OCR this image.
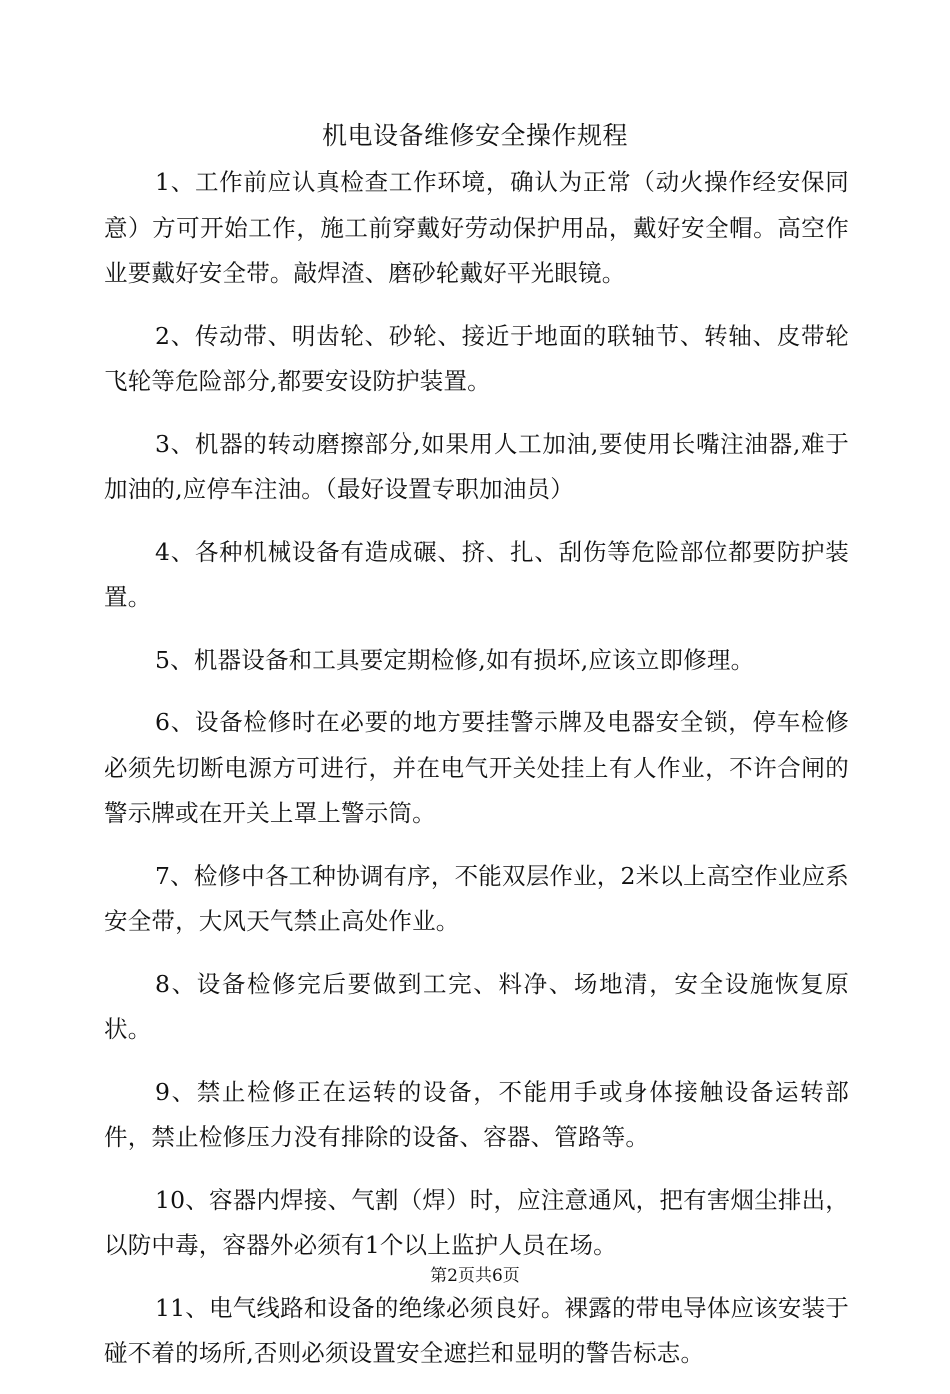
机电设备维修安全操作规程

1、工作前应认真检查工作环境，确认为正常（动火操作经安保同意）方可开始工作，施工前穿戴好劳动保护用品，戴好安全帽。高空作业要戴好安全带。敲焊渣、磨砂轮戴好平光眼镜。

2、传动带、明齿轮、砂轮、接近于地面的联轴节、转轴、皮带轮飞轮等危险部分,都要安设防护装置。

3、机器的转动磨擦部分,如果用人工加油,要使用长嘴注油器,难于加油的,应停车注油。（最好设置专职加油员）

4、各种机械设备有造成碾、挤、扎、刮伤等危险部位都要防护装置。

5、机器设备和工具要定期检修,如有损坏,应该立即修理。

6、设备检修时在必要的地方要挂警示牌及电器安全锁，停车检修必须先切断电源方可进行，并在电气开关处挂上有人作业，不许合闸的警示牌或在开关上罩上警示筒。

7、检修中各工种协调有序，不能双层作业，2米以上高空作业应系安全带，大风天气禁止高处作业。

8、设备检修完后要做到工完、料净、场地清，安全设施恢复原状。

9、禁止检修正在运转的设备，不能用手或身体接触设备运转部件，禁止检修压力没有排除的设备、容器、管路等。

10、容器内焊接、气割（焊）时，应注意通风，把有害烟尘排出，以防中毒，容器外必须有1个以上监护人员在场。

11、电气线路和设备的绝缘必须良好。裸露的带电导体应该安装于碰不着的场所,否则必须设置安全遮拦和显明的警告标志。

第2页共6页
